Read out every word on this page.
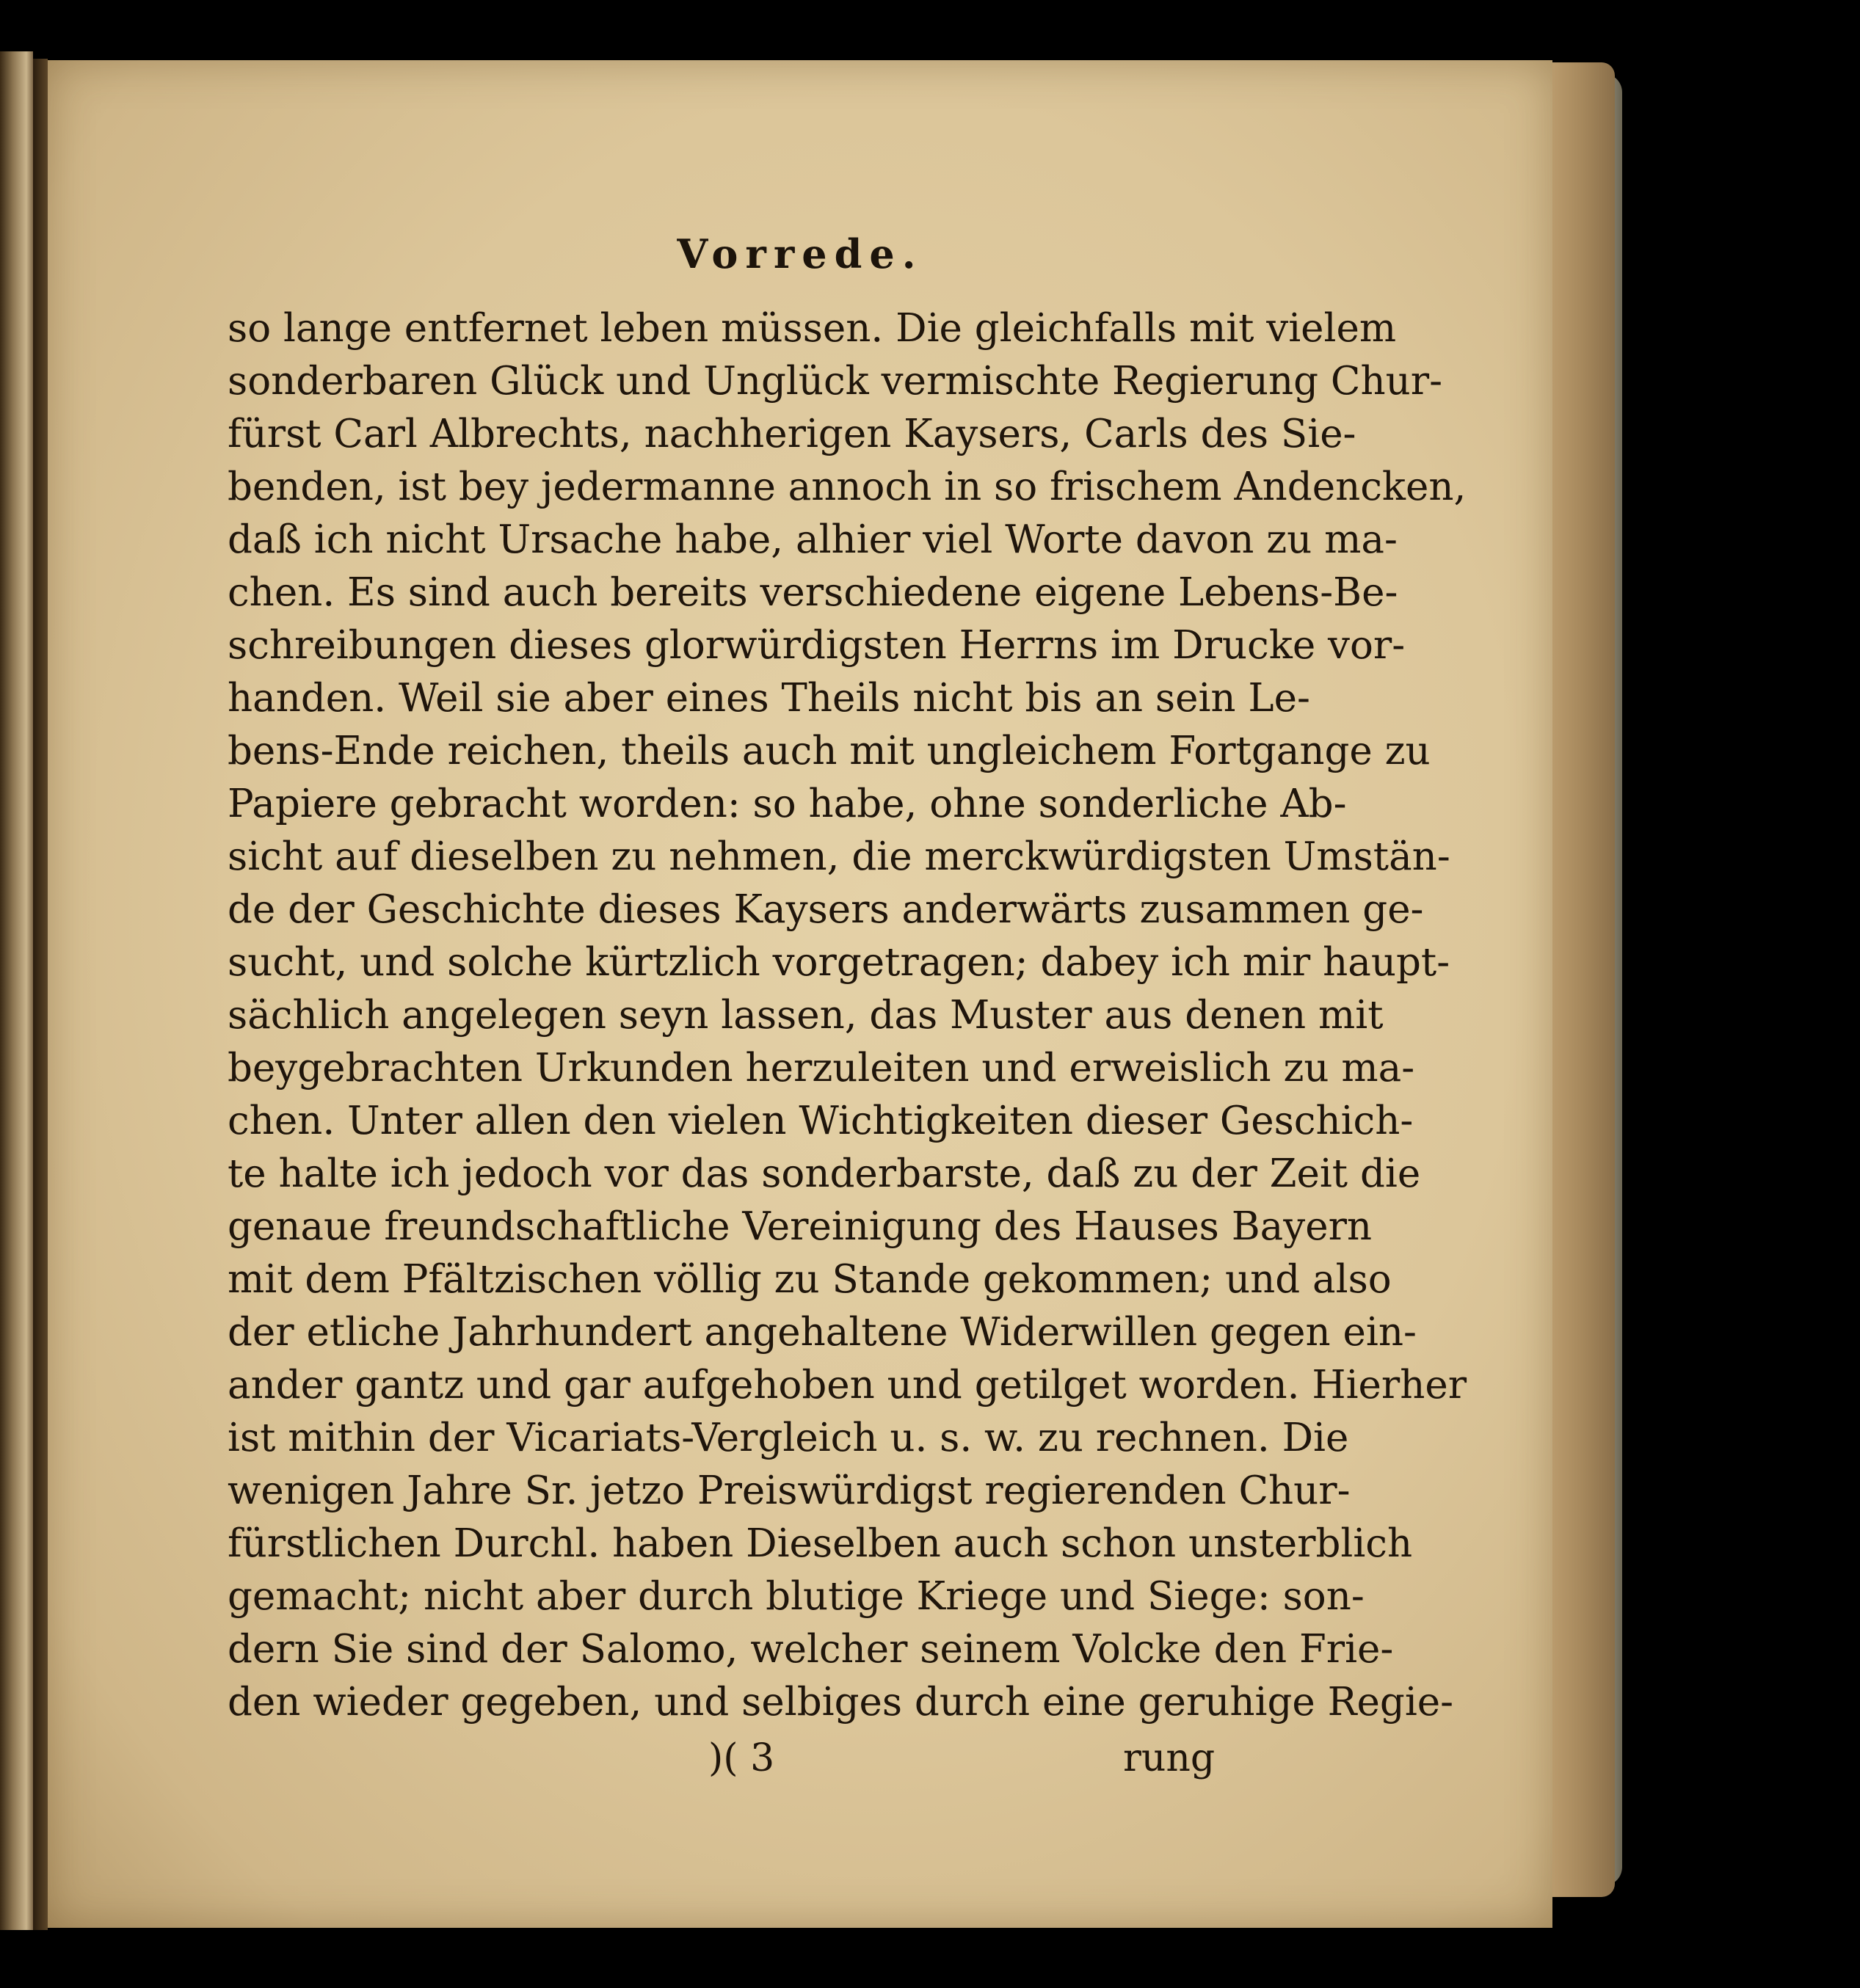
Vorrede.
so lange entfernet leben müssen. Die gleichfalls mit vielem
sonderbaren Glück und Unglück vermischte Regierung Chur-
fürst Carl Albrechts, nachherigen Kaysers, Carls des Sie-
benden, ist bey jedermanne annoch in so frischem Andencken,
daß ich nicht Ursache habe, alhier viel Worte davon zu ma-
chen. Es sind auch bereits verschiedene eigene Lebens-Be-
schreibungen dieses glorwürdigsten Herrns im Drucke vor-
handen. Weil sie aber eines Theils nicht bis an sein Le-
bens-Ende reichen, theils auch mit ungleichem Fortgange zu
Papiere gebracht worden: so habe, ohne sonderliche Ab-
sicht auf dieselben zu nehmen, die merckwürdigsten Umstän-
de der Geschichte dieses Kaysers anderwärts zusammen ge-
sucht, und solche kürtzlich vorgetragen; dabey ich mir haupt-
sächlich angelegen seyn lassen, das Muster aus denen mit
beygebrachten Urkunden herzuleiten und erweislich zu ma-
chen. Unter allen den vielen Wichtigkeiten dieser Geschich-
te halte ich jedoch vor das sonderbarste, daß zu der Zeit die
genaue freundschaftliche Vereinigung des Hauses Bayern
mit dem Pfältzischen völlig zu Stande gekommen; und also
der etliche Jahrhundert angehaltene Widerwillen gegen ein-
ander gantz und gar aufgehoben und getilget worden. Hierher
ist mithin der Vicariats-Vergleich u. s. w. zu rechnen. Die
wenigen Jahre Sr. jetzo Preiswürdigst regierenden Chur-
fürstlichen Durchl. haben Dieselben auch schon unsterblich
gemacht; nicht aber durch blutige Kriege und Siege: son-
dern Sie sind der Salomo, welcher seinem Volcke den Frie-
den wieder gegeben, und selbiges durch eine geruhige Regie-
)( 3	rung
